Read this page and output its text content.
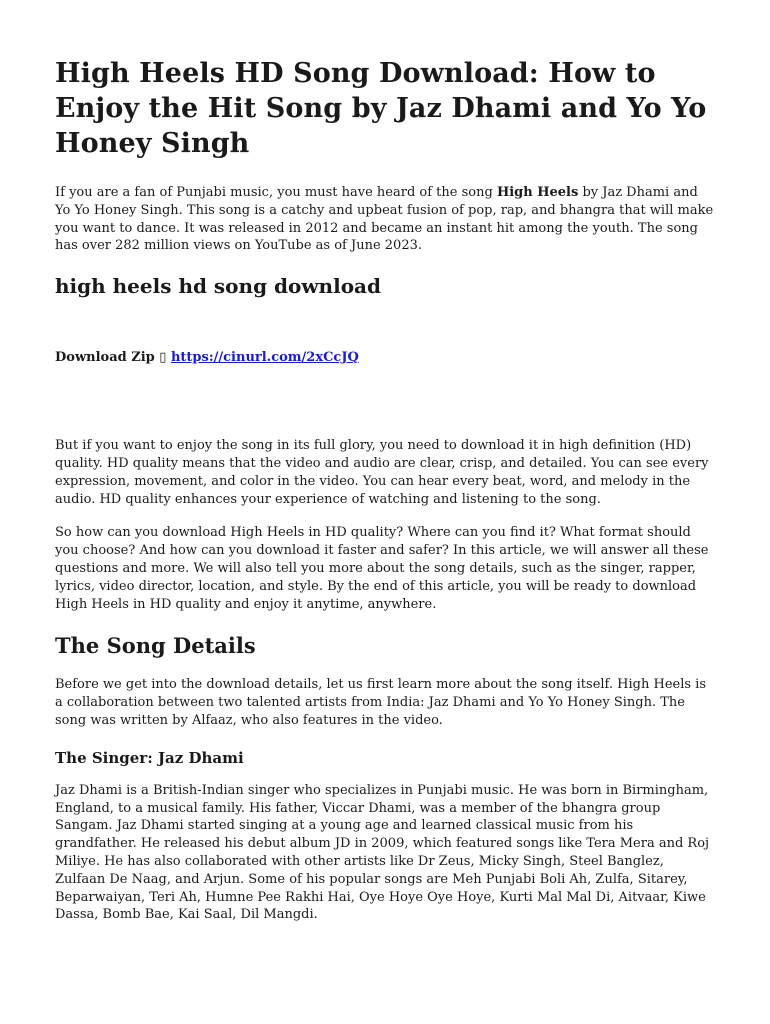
High Heels HD Song Download: How to Enjoy the Hit Song by Jaz Dhami and Yo Yo Honey Singh

If you are a fan of Punjabi music, you must have heard of the song High Heels by Jaz Dhami and Yo Yo Honey Singh. This song is a catchy and upbeat fusion of pop, rap, and bhangra that will make you want to dance. It was released in 2012 and became an instant hit among the youth. The song has over 282 million views on YouTube as of June 2023.

high heels hd song download
Download Zip ▯ https://cinurl.com/2xCcJQ

But if you want to enjoy the song in its full glory, you need to download it in high definition (HD) quality. HD quality means that the video and audio are clear, crisp, and detailed. You can see every expression, movement, and color in the video. You can hear every beat, word, and melody in the audio. HD quality enhances your experience of watching and listening to the song.

So how can you download High Heels in HD quality? Where can you find it? What format should you choose? And how can you download it faster and safer? In this article, we will answer all these questions and more. We will also tell you more about the song details, such as the singer, rapper, lyrics, video director, location, and style. By the end of this article, you will be ready to download High Heels in HD quality and enjoy it anytime, anywhere.

The Song Details

Before we get into the download details, let us first learn more about the song itself. High Heels is a collaboration between two talented artists from India: Jaz Dhami and Yo Yo Honey Singh. The song was written by Alfaaz, who also features in the video.

The Singer: Jaz Dhami

Jaz Dhami is a British-Indian singer who specializes in Punjabi music. He was born in Birmingham, England, to a musical family. His father, Viccar Dhami, was a member of the bhangra group Sangam. Jaz Dhami started singing at a young age and learned classical music from his grandfather. He released his debut album JD in 2009, which featured songs like Tera Mera and Roj Miliye. He has also collaborated with other artists like Dr Zeus, Micky Singh, Steel Banglez, Zulfaan De Naag, and Arjun. Some of his popular songs are Meh Punjabi Boli Ah, Zulfa, Sitarey, Beparwaiyan, Teri Ah, Humne Pee Rakhi Hai, Oye Hoye Oye Hoye, Kurti Mal Mal Di, Aitvaar, Kiwe Dassa, Bomb Bae, Kai Saal, Dil Mangdi.
